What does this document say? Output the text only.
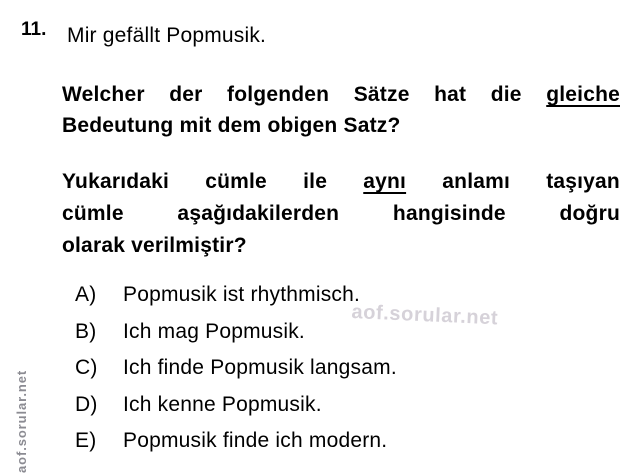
11. Mir gefällt Popmusik.
Welcher der folgenden Sätze hat die gleiche
Bedeutung mit dem obigen Satz?
Yukarıdaki cümle ile aynı anlamı taşıyan
cümle aşağıdakilerden hangisinde doğru
olarak verilmiştir?
A)	Popmusik ist rhythmisch.
B)	Ich mag Popmusik.
C)	Ich finde Popmusik langsam.
D)	Ich kenne Popmusik.
E)	Popmusik finde ich modern.
aof.sorular.net
aof.sorular.net
